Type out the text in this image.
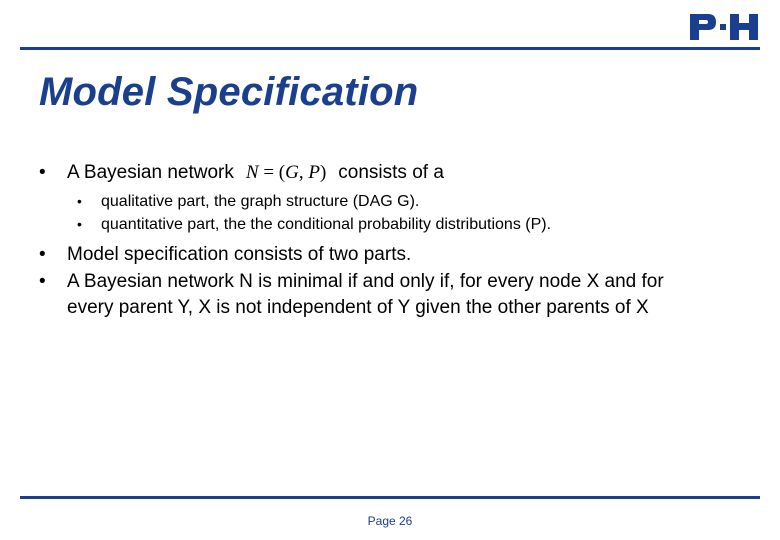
P·H
Model Specification
•	A Bayesian network N = (G, P) consists of a
•	qualitative part, the graph structure (DAG G).
•	quantitative part, the the conditional probability distributions (P).
•	Model specification consists of two parts.
•	A Bayesian network N is minimal if and only if, for every node X and for
every parent Y, X is not independent of Y given the other parents of X
Page 26
